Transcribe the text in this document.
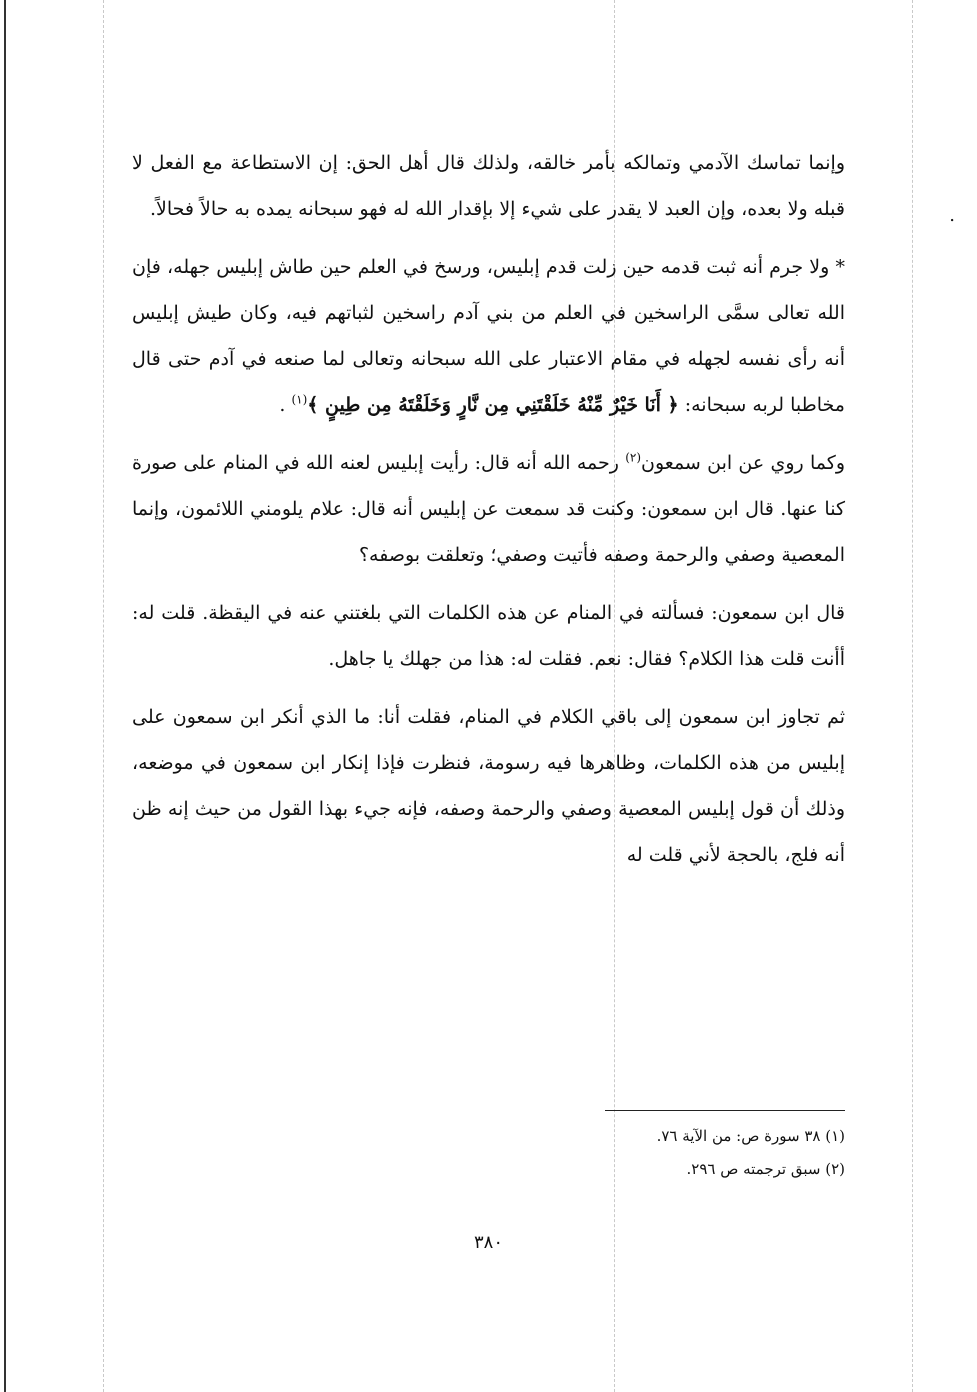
.

وإنما تماسك الآدمي وتمالكه بأمر خالقه، ولذلك قال أهل الحق: إن الاستطاعة مع الفعل لا قبله ولا بعده، وإن العبد لا يقدر على شيء إلا بإقدار الله له فهو سبحانه يمده به حالاً فحالاً.

* ولا جرم أنه ثبت قدمه حين زلت قدم إبليس، ورسخ في العلم حين طاش إبليس جهله، فإن الله تعالى سمَّى الراسخين في العلم من بني آدم راسخين لثباتهم فيه، وكان طيش إبليس أنه رأى نفسه لجهله في مقام الاعتبار على الله سبحانه وتعالى لما صنعه في آدم حتى قال مخاطبا لربه سبحانه: ﴿ أَنَا خَيْرٌ مِّنْهُ خَلَقْتَنِي مِن نَّارٍ وَخَلَقْتَهُ مِن طِينٍ ﴾$^{(١)}$ .

وكما روي عن ابن سمعون$^{(٢)}$ رحمه الله أنه قال: رأيت إبليس لعنه الله في المنام على صورة كنا عنها. قال ابن سمعون: وكنت قد سمعت عن إبليس أنه قال: علام يلومني اللائمون، وإنما المعصية وصفي والرحمة وصفه فأتيت وصفي؛ وتعلقت بوصفه؟

قال ابن سمعون: فسألته في المنام عن هذه الكلمات التي بلغتني عنه في اليقظة. قلت له: أأنت قلت هذا الكلام؟ فقال: نعم. فقلت له: هذا من جهلك يا جاهل.

ثم تجاوز ابن سمعون إلى باقي الكلام في المنام، فقلت أنا: ما الذي أنكر ابن سمعون على إبليس من هذه الكلمات، وظاهرها فيه رسومة، فنظرت فإذا إنكار ابن سمعون في موضعه، وذلك أن قول إبليس المعصية وصفي والرحمة وصفه، فإنه جيء بهذا القول من حيث إنه ظن أنه فلج، بالحجة لأني قلت له

(١) ٣٨ سورة ص: من الآية ٧٦.
(٢) سبق ترجمته ص ٢٩٦.
٣٨٠
